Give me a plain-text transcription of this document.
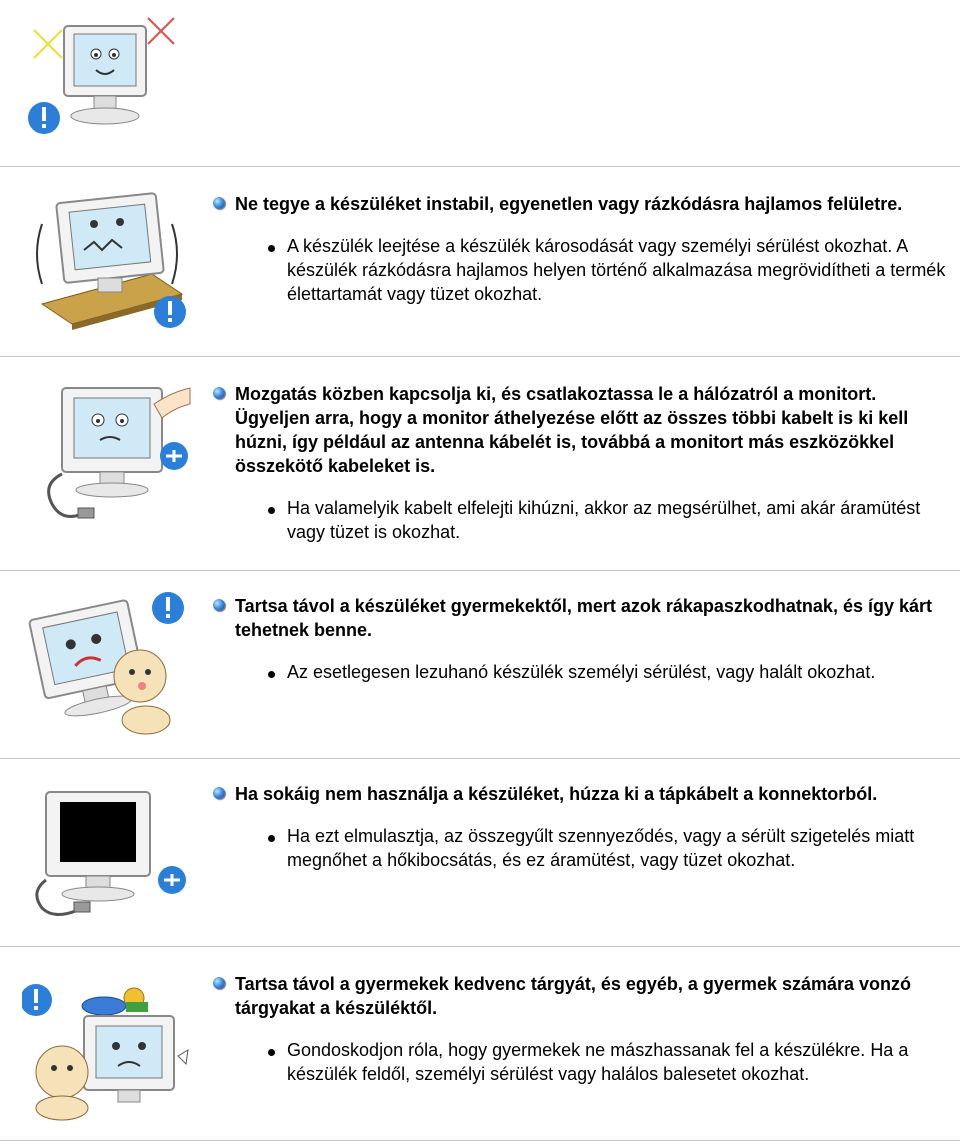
Ne tegye a készüléket instabil, egyenetlen vagy rázkódásra hajlamos felületre.

A készülék leejtése a készülék károsodását vagy személyi sérülést okozhat. A készülék rázkódásra hajlamos helyen történő alkalmazása megrövidítheti a termék élettartamát vagy tüzet okozhat.

Mozgatás közben kapcsolja ki, és csatlakoztassa le a hálózatról a monitort. Ügyeljen arra, hogy a monitor áthelyezése előtt az összes többi kabelt is ki kell húzni, így például az antenna kábelét is, továbbá a monitort más eszközökkel összekötő kabeleket is.

Ha valamelyik kabelt elfelejti kihúzni, akkor az megsérülhet, ami akár áramütést vagy tüzet is okozhat.

Tartsa távol a készüléket gyermekektől, mert azok rákapaszkodhatnak, és így kárt tehetnek benne.

Az esetlegesen lezuhanó készülék személyi sérülést, vagy halált okozhat.

Ha sokáig nem használja a készüléket, húzza ki a tápkábelt a konnektorból.

Ha ezt elmulasztja, az összegyűlt szennyeződés, vagy a sérült szigetelés miatt megnőhet a hőkibocsátás, és ez áramütést, vagy tüzet okozhat.

Tartsa távol a gyermekek kedvenc tárgyát, és egyéb, a gyermek számára vonzó tárgyakat a készüléktől.

Gondoskodjon róla, hogy gyermekek ne mászhassanak fel a készülékre. Ha a készülék feldől, személyi sérülést vagy halálos balesetet okozhat.
